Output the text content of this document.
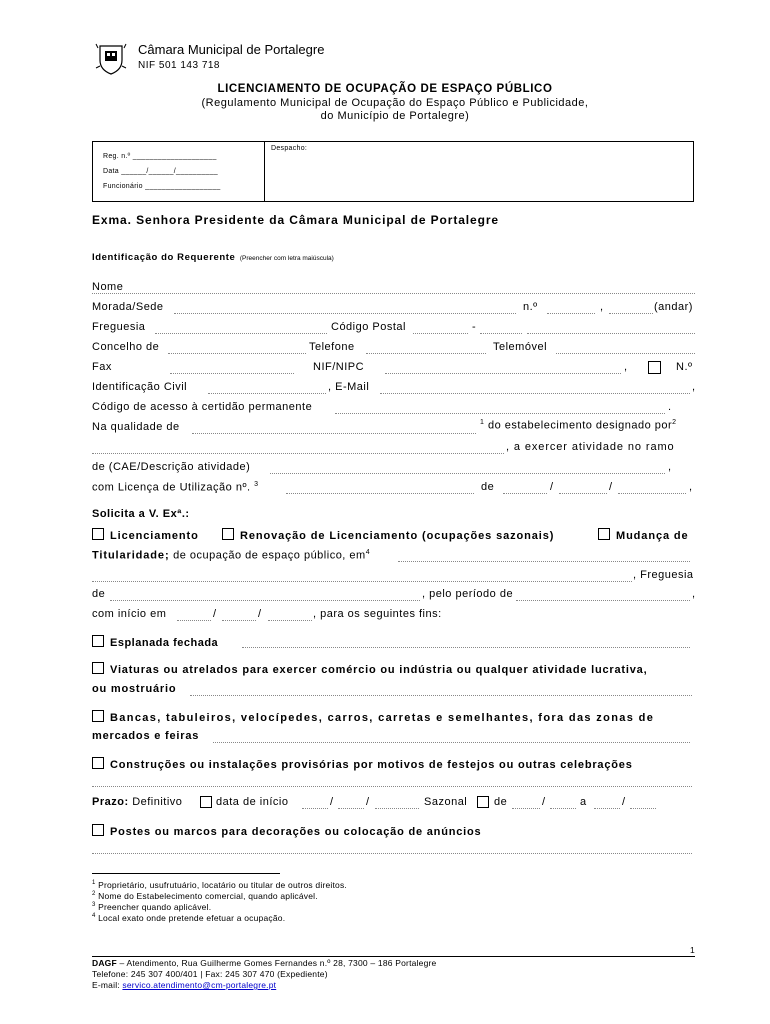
Câmara Municipal de Portalegre
NIF 501 143 718
LICENCIAMENTO DE OCUPAÇÃO DE ESPAÇO PÚBLICO
(Regulamento Municipal de Ocupação do Espaço Público e Publicidade,
do Município de Portalegre)
Reg. n.º ____________________
Data ______/______/__________
Funcionário __________________
Despacho:
Exma. Senhora Presidente da Câmara Municipal de Portalegre
Identificação do Requerente (Preencher com letra maiúscula)
Nome
Morada/Sede	n.º	,	(andar)
Freguesia	Código Postal	-
Concelho de	Telefone	Telemóvel
Fax	NIF/NIPC	,	N.º
Identificação Civil	, E-Mail	,
Código de acesso à certidão permanente	.
Na qualidade de	$^1$ do estabelecimento designado por$^2$
, a exercer atividade no ramo
de (CAE/Descrição atividade)	,
com Licença de Utilização nº. $^3$	de	/	/	,
Solicita a V. Exª.:
Licenciamento	Renovação de Licenciamento (ocupações sazonais)	Mudança de
Titularidade; de ocupação de espaço público, $em^4$
, Freguesia
de	, pelo período de	,
com início em	/	/	, para os seguintes fins:
Esplanada fechada
Viaturas ou atrelados para exercer comércio ou indústria ou qualquer atividade lucrativa,
ou mostruário
Bancas, tabuleiros, velocípedes, carros, carretas e semelhantes, fora das zonas de
mercados e feiras
Construções ou instalações provisórias por motivos de festejos ou outras celebrações
Prazo: Definitivo	data de início	/	/	Sazonal de	/	a	/
Postes ou marcos para decorações ou colocação de anúncios
$^1$ Proprietário, usufrutuário, locatário ou titular de outros direitos.
$^2$ Nome do Estabelecimento comercial, quando aplicável.
$^3$ Preencher quando aplicável.
$^4$ Local exato onde pretende efetuar a ocupação.
1
DAGF – Atendimento, Rua Guilherme Gomes Fernandes n.º 28, 7300 – 186 Portalegre
Telefone: 245 307 400/401 | Fax: 245 307 470 (Expediente)
E-mail: servico.atendimento@cm-portalegre.pt
